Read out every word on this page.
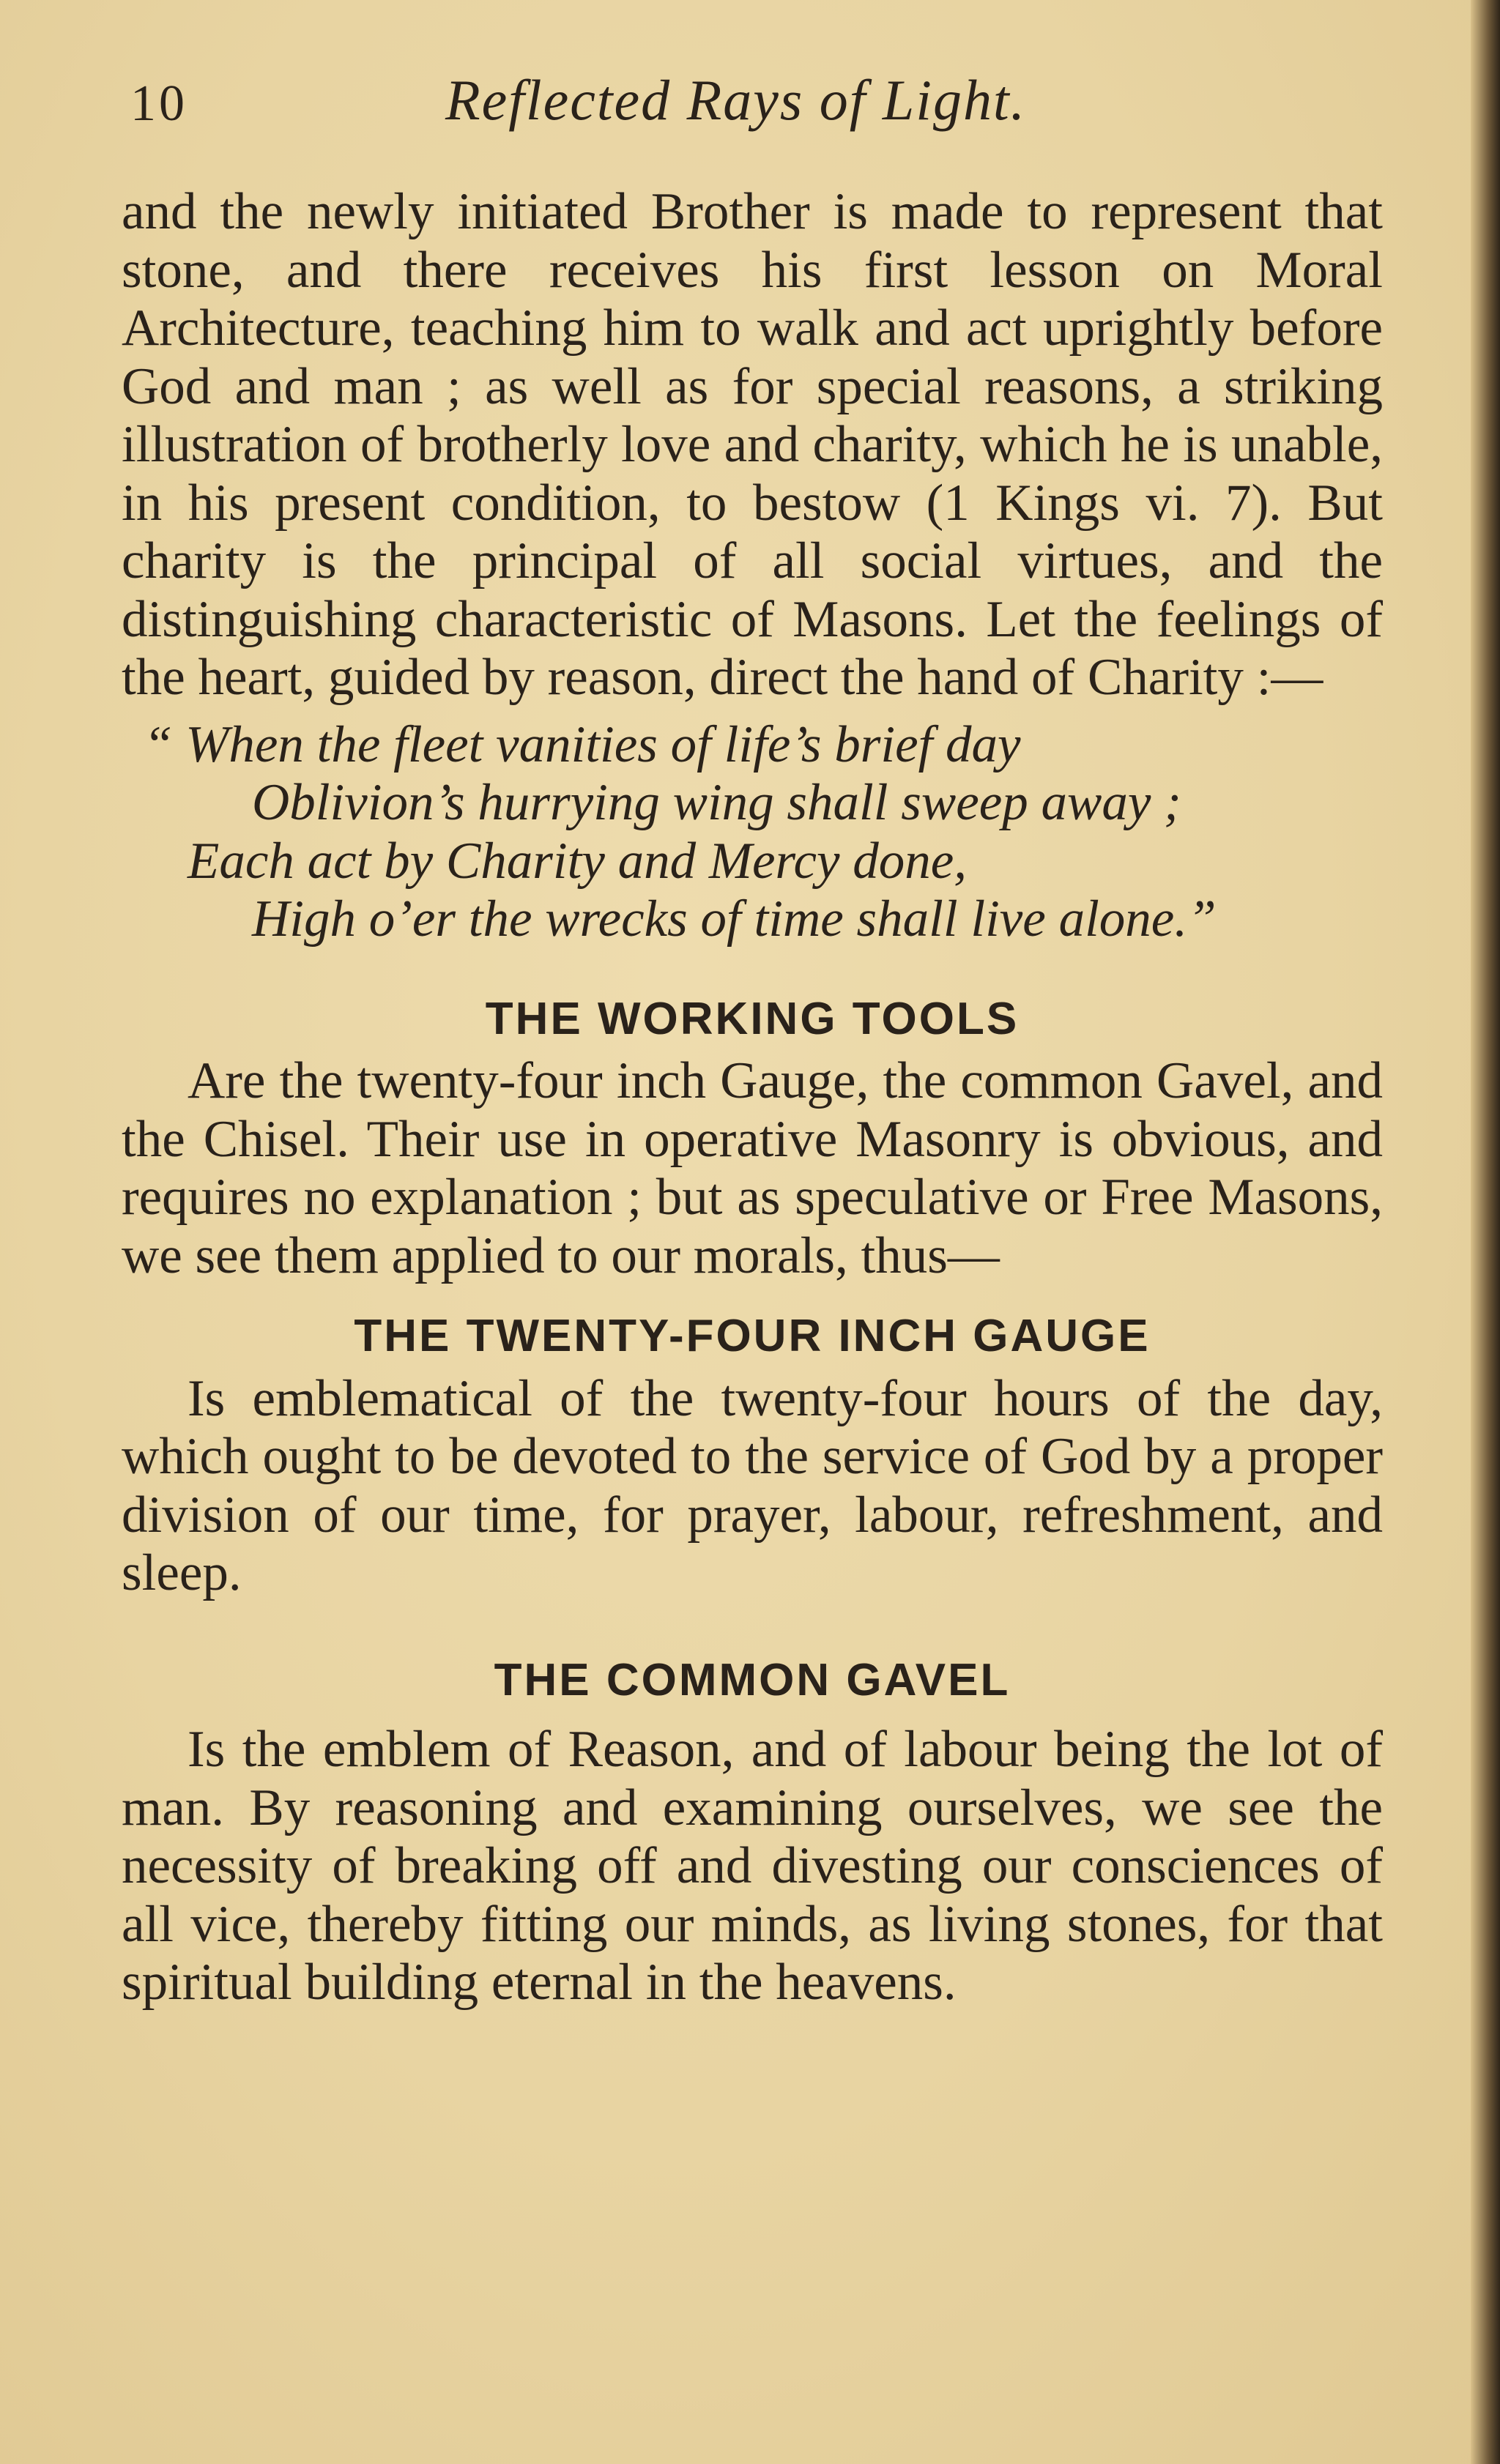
10	Reflected Rays of Light.

and the newly initiated Brother is made to represent that stone, and there receives his first lesson on Moral Architecture, teaching him to walk and act uprightly before God and man ; as well as for special reasons, a striking illustration of brotherly love and charity, which he is unable, in his present condition, to bestow (1 Kings vi. 7). But charity is the principal of all social virtues, and the distinguishing characteristic of Masons. Let the feelings of the heart, guided by reason, direct the hand of Charity :—

“ When the fleet vanities of life’s brief day
Oblivion’s hurrying wing shall sweep away ;
Each act by Charity and Mercy done,
High o’er the wrecks of time shall live alone.”
THE WORKING TOOLS

Are the twenty-four inch Gauge, the common Gavel, and the Chisel. Their use in operative Masonry is obvious, and requires no explanation ; but as speculative or Free Masons, we see them applied to our morals, thus—

THE TWENTY-FOUR INCH GAUGE

Is emblematical of the twenty-four hours of the day, which ought to be devoted to the service of God by a proper division of our time, for prayer, labour, refreshment, and sleep.

THE COMMON GAVEL

Is the emblem of Reason, and of labour being the lot of man. By reasoning and examining ourselves, we see the necessity of breaking off and divesting our consciences of all vice, thereby fitting our minds, as living stones, for that spiritual building eternal in the heavens.
